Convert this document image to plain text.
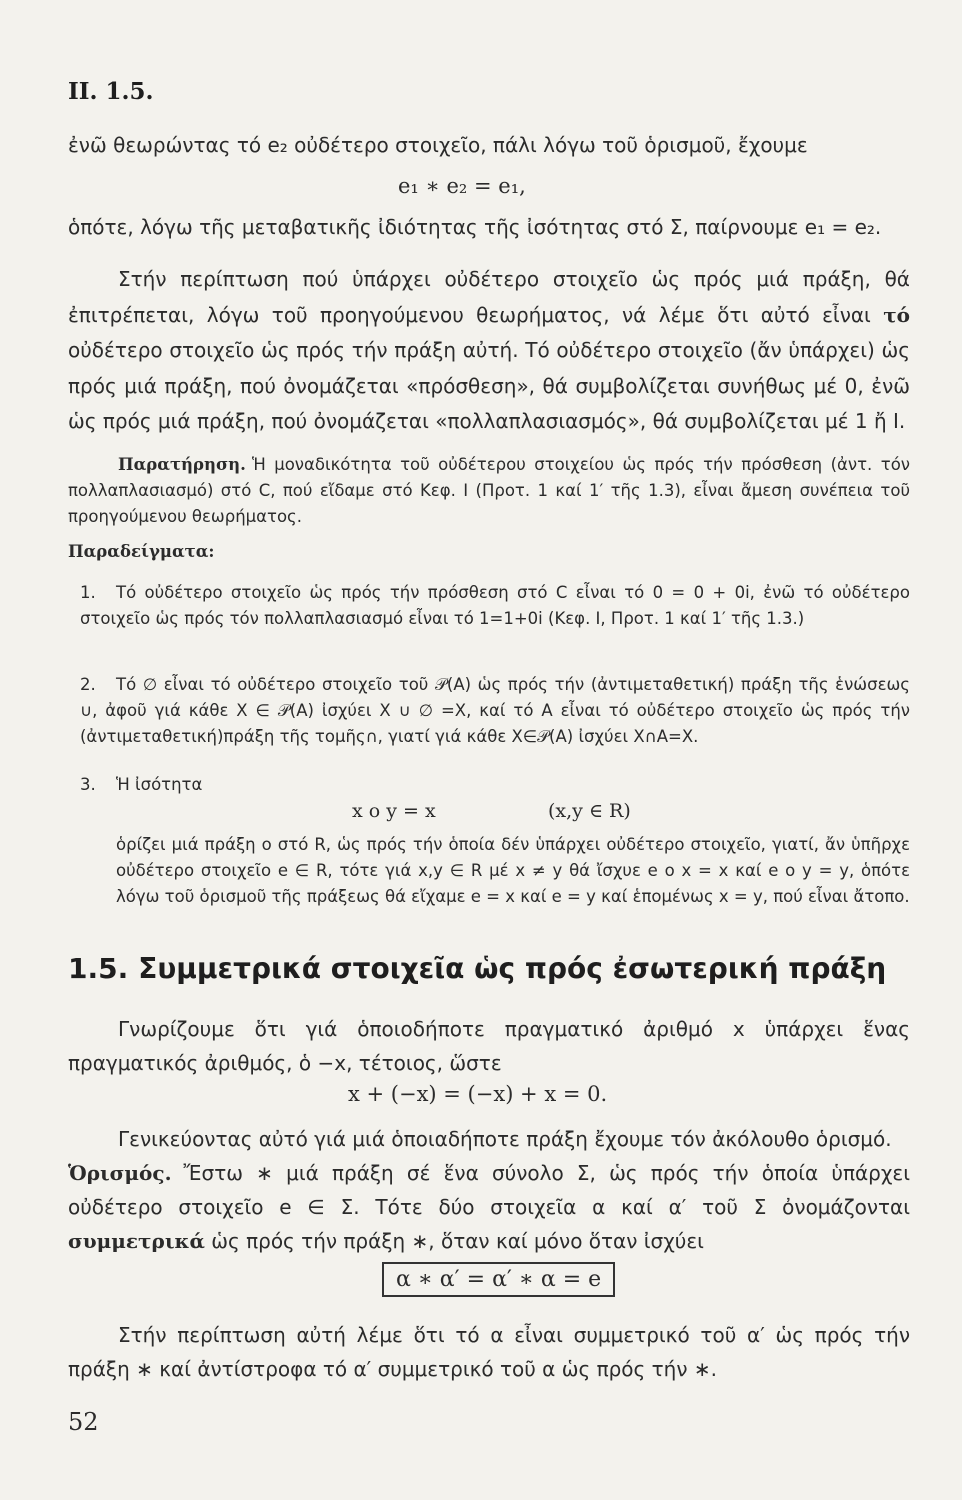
ΙΙ. 1.5.
ἐνῶ θεωρώντας τό e₂ οὐδέτερο στοιχεῖο, πάλι λόγω τοῦ ὁρισμοῦ, ἔχουμε
e₁ ∗ e₂ = e₁,
ὁπότε, λόγω τῆς μεταβατικῆς ἰδιότητας τῆς ἰσότητας στό Σ, παίρνουμε e₁ = e₂.
Στήν περίπτωση πού ὑπάρχει οὐδέτερο στοιχεῖο ὡς πρός μιά πράξη, θά ἐπιτρέπεται, λόγω τοῦ προηγούμενου θεωρήματος, νά λέμε ὅτι αὐτό εἶναι τό οὐδέτερο στοιχεῖο ὡς πρός τήν πράξη αὐτή. Τό οὐδέτερο στοιχεῖο (ἄν ὑπάρχει) ὡς πρός μιά πράξη, πού ὀνομάζεται «πρόσθεση», θά συμβολίζεται συνήθως μέ 0, ἐνῶ ὡς πρός μιά πράξη, πού ὀνομάζεται «πολλαπλασιασμός», θά συμβολίζεται μέ 1 ἤ I.
Παρατήρηση. Ἡ μοναδικότητα τοῦ οὐδέτερου στοιχείου ὡς πρός τήν πρόσθεση (ἀντ. τόν πολλαπλασιασμό) στό C, πού εἴδαμε στό Κεφ. I (Προτ. 1 καί 1′ τῆς 1.3), εἶναι ἄμεση συνέπεια τοῦ προηγούμενου θεωρήματος.
Παραδείγματα:
1. Τό οὐδέτερο στοιχεῖο ὡς πρός τήν πρόσθεση στό C εἶναι τό 0 = 0 + 0i, ἐνῶ τό οὐδέτερο στοιχεῖο ὡς πρός τόν πολλαπλασιασμό εἶναι τό 1=1+0i (Κεφ. I, Προτ. 1 καί 1′ τῆς 1.3.)
2. Τό ∅ εἶναι τό οὐδέτερο στοιχεῖο τοῦ 𝒫(A) ὡς πρός τήν (ἀντιμεταθετική) πράξη τῆς ἑνώσεως ∪, ἀφοῦ γιά κάθε X ∈ 𝒫(A) ἰσχύει X ∪ ∅ =X, καί τό A εἶναι τό οὐδέτερο στοιχεῖο ὡς πρός τήν (ἀντιμεταθετική)πράξη τῆς τομῆς∩, γιατί γιά κάθε X∈𝒫(A) ἰσχύει X∩A=X.
3. Ἡ ἰσότητα
x o y = x	(x,y ∈ R)
ὁρίζει μιά πράξη o στό R, ὡς πρός τήν ὁποία δέν ὑπάρχει οὐδέτερο στοιχεῖο, γιατί, ἄν ὑπῆρχε οὐδέτερο στοιχεῖο e ∈ R, τότε γιά x,y ∈ R μέ x ≠ y θά ἴσχυε e o x = x καί e o y = y, ὁπότε λόγω τοῦ ὁρισμοῦ τῆς πράξεως θά εἴχαμε e = x καί e = y καί ἑπομένως x = y, πού εἶναι ἄτοπο.
1.5. Συμμετρικά στοιχεῖα ὡς πρός ἐσωτερική πράξη
Γνωρίζουμε ὅτι γιά ὁποιοδήποτε πραγματικό ἀριθμό x ὑπάρχει ἕνας πραγματικός ἀριθμός, ὁ −x, τέτοιος, ὥστε
x + (−x) = (−x) + x = 0.
Γενικεύοντας αὐτό γιά μιά ὁποιαδήποτε πράξη ἔχουμε τόν ἀκόλουθο ὁρισμό.
Ὁρισμός. Ἔστω ∗ μιά πράξη σέ ἕνα σύνολο Σ, ὡς πρός τήν ὁποία ὑπάρχει οὐδέτερο στοιχεῖο e ∈ Σ. Τότε δύο στοιχεῖα α καί α′ τοῦ Σ ὀνομάζονται συμμετρικά ὡς πρός τήν πράξη ∗, ὅταν καί μόνο ὅταν ἰσχύει
α ∗ α′ = α′ ∗ α = e
Στήν περίπτωση αὐτή λέμε ὅτι τό α εἶναι συμμετρικό τοῦ α′ ὡς πρός τήν πράξη ∗ καί ἀντίστροφα τό α′ συμμετρικό τοῦ α ὡς πρός τήν ∗.
52
